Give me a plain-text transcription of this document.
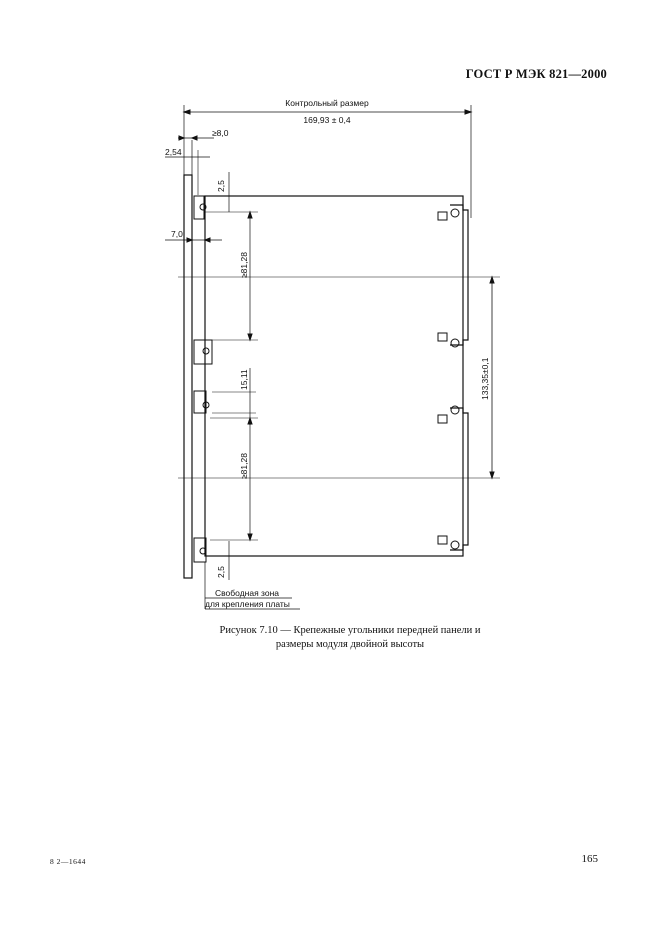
ГОСТ Р МЭК 821—2000
Контрольный размер
169,93 ± 0,4
≥8,0
2,54
7,0
2,5
≥81,28
15,11
≥81,28
2,5
133,35±0,1
Свободная зона
для крепления платы
Рисунок 7.10 — Крепежные угольники передней панели и
размеры модуля двойной высоты
8 2—1644	165
